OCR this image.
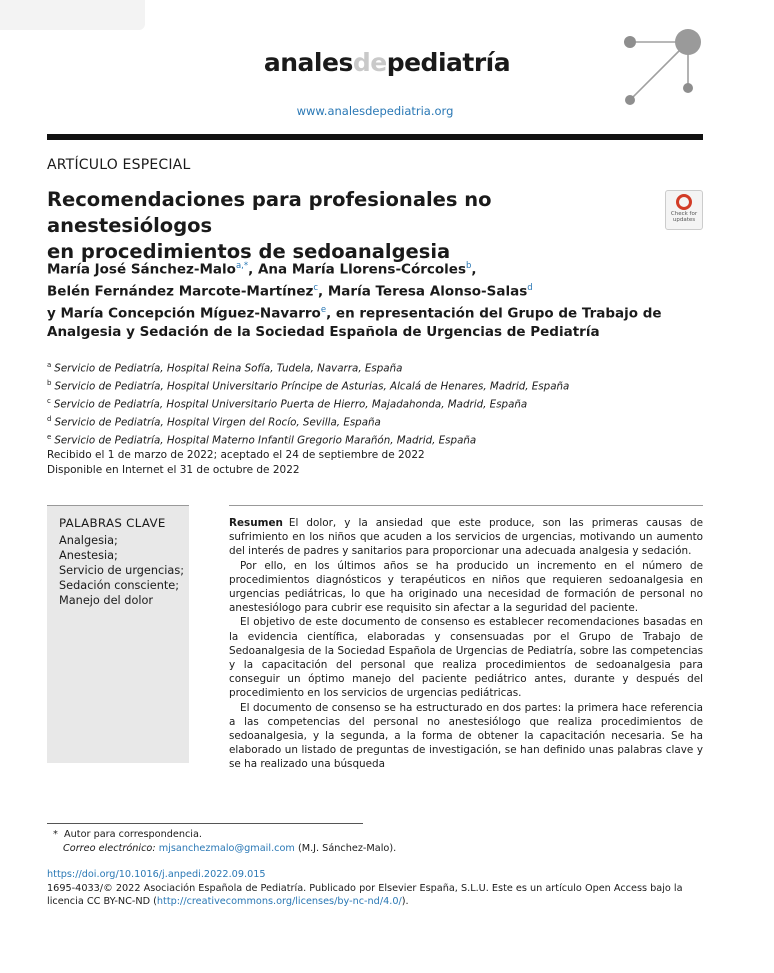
analesdepediatría
www.analesdepediatria.org
ARTÍCULO ESPECIAL
Recomendaciones para profesionales no anestesiólogos
en procedimientos de sedoanalgesia
Check for
updates
María José Sánchez-Malo$^{a,*}$, Ana María Llorens-Córcoles$^b$,
Belén Fernández Marcote-Martínez$^c$, María Teresa Alonso-Salas$^d$
y María Concepción Míguez-Navarro$^e$, en representación del Grupo de Trabajo de Analgesia y Sedación de la Sociedad Española de Urgencias de Pediatría
$^a$ Servicio de Pediatría, Hospital Reina Sofía, Tudela, Navarra, España
$^b$ Servicio de Pediatría, Hospital Universitario Príncipe de Asturias, Alcalá de Henares, Madrid, España
$^c$ Servicio de Pediatría, Hospital Universitario Puerta de Hierro, Majadahonda, Madrid, España
$^d$ Servicio de Pediatría, Hospital Virgen del Rocío, Sevilla, España
$^e$ Servicio de Pediatría, Hospital Materno Infantil Gregorio Marañón, Madrid, España
Recibido el 1 de marzo de 2022; aceptado el 24 de septiembre de 2022
Disponible en Internet el 31 de octubre de 2022
PALABRAS CLAVE
Analgesia;
Anestesia;
Servicio de urgencias;
Sedación consciente;
Manejo del dolor

Resumen El dolor, y la ansiedad que este produce, son las primeras causas de sufrimiento en los niños que acuden a los servicios de urgencias, motivando un aumento del interés de padres y sanitarios para proporcionar una adecuada analgesia y sedación.

Por ello, en los últimos años se ha producido un incremento en el número de procedimientos diagnósticos y terapéuticos en niños que requieren sedoanalgesia en urgencias pediátricas, lo que ha originado una necesidad de formación de personal no anestesiólogo para cubrir ese requisito sin afectar a la seguridad del paciente.

El objetivo de este documento de consenso es establecer recomendaciones basadas en la evidencia científica, elaboradas y consensuadas por el Grupo de Trabajo de Sedoanalgesia de la Sociedad Española de Urgencias de Pediatría, sobre las competencias y la capacitación del personal que realiza procedimientos de sedoanalgesia para conseguir un óptimo manejo del paciente pediátrico antes, durante y después del procedimiento en los servicios de urgencias pediátricas.

El documento de consenso se ha estructurado en dos partes: la primera hace referencia a las competencias del personal no anestesiólogo que realiza procedimientos de sedoanalgesia, y la segunda, a la forma de obtener la capacitación necesaria. Se ha elaborado un listado de preguntas de investigación, se han definido unas palabras clave y se ha realizado una búsqueda

* Autor para correspondencia.
Correo electrónico: mjsanchezmalo@gmail.com (M.J. Sánchez-Malo).
https://doi.org/10.1016/j.anpedi.2022.09.015
1695-4033/© 2022 Asociación Española de Pediatría. Publicado por Elsevier España, S.L.U. Este es un artículo Open Access bajo la licencia CC BY-NC-ND (http://creativecommons.org/licenses/by-nc-nd/4.0/).
